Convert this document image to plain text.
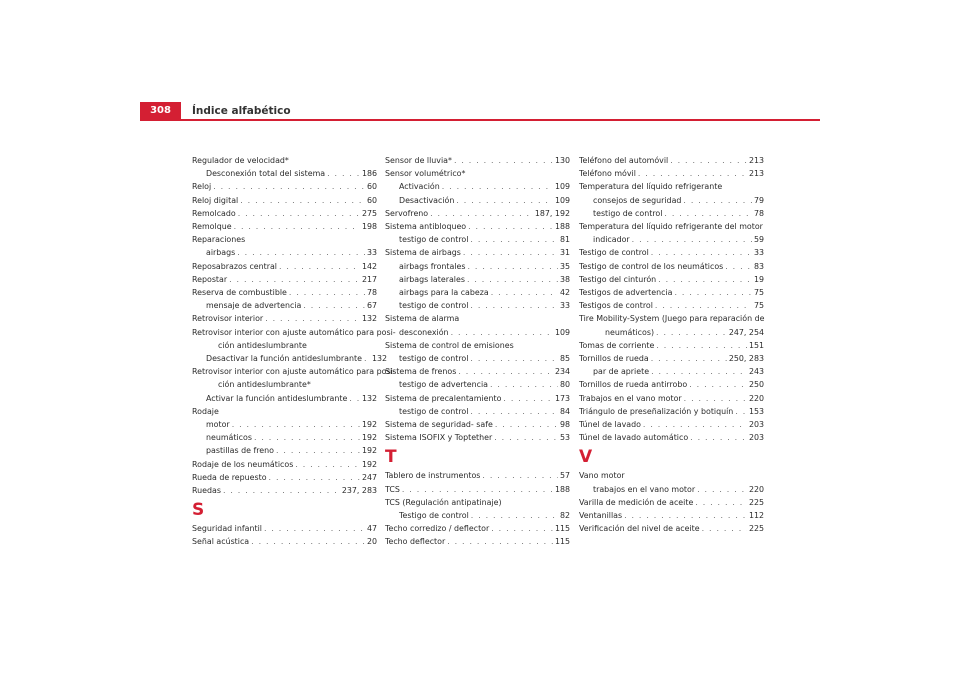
308	Índice alfabético
Regulador de velocidad*
Desconexión total del sistema . . .	186
Reloj . . .	60
Reloj digital . . .	60
Remolcado . . .	275
Remolque . . .	198
Reparaciones
airbags . . .	33
Reposabrazos central . . .	142
Repostar . . .	217
Reserva de combustible . . .	78
mensaje de advertencia . . .	67
Retrovisor interior . . .	132
Retrovisor interior con ajuste automático para posi-
ción antideslumbrante
Desactivar la función antideslumbrante . . . 132
Retrovisor interior con ajuste automático para posi-
ción antideslumbrante*
Activar la función antideslumbrante . . . 132
Rodaje
motor . . .	192
neumáticos . . .	192
pastillas de freno . . .	192
Rodaje de los neumáticos . . .	192
Rueda de repuesto . . .	247
Ruedas . . .	237, 283
S
Seguridad infantil . . .	47
Señal acústica . . .	20
Sensor de lluvia* . . .	130
Sensor volumétrico*
Activación . . .	109
Desactivación . . .	109
Servofreno . . .	187, 192
Sistema antibloqueo . . .	188
testigo de control . . .	81
Sistema de airbags . . .	31
airbags frontales . . .	35
airbags laterales . . .	38
airbags para la cabeza . . .	42
testigo de control . . .	33
Sistema de alarma
desconexión . . .	109
Sistema de control de emisiones
testigo de control . . .	85
Sistema de frenos . . .	234
testigo de advertencia . . .	80
Sistema de precalentamiento . . .	173
testigo de control . . .	84
Sistema de seguridad- safe . . .	98
Sistema ISOFIX y Toptether . . .	53
T
Tablero de instrumentos . . .	57
TCS . . .	188
TCS (Regulación antipatinaje)
Testigo de control . . .	82
Techo corredizo / deflector . . .	115
Techo deflector . . .	115
Teléfono del automóvil . . .	213
Teléfono móvil . . .	213
Temperatura del líquido refrigerante
consejos de seguridad . . .	79
testigo de control . . .	78
Temperatura del líquido refrigerante del motor
indicador . . .	59
Testigo de control . . .	33
Testigo de control de los neumáticos . . .	83
Testigo del cinturón . . .	19
Testigos de advertencia . . .	75
Testigos de control . . .	75
Tire Mobility-System (Juego para reparación de
neumáticos) . . .	247, 254
Tomas de corriente . . .	151
Tornillos de rueda . . .	250, 283
par de apriete . . .	243
Tornillos de rueda antirrobo . . .	250
Trabajos en el vano motor . . .	220
Triángulo de preseñalización y botiquín . . . 153
Túnel de lavado . . .	203
Túnel de lavado automático . . .	203
V
Vano motor
trabajos en el vano motor . . .	220
Varilla de medición de aceite . . .	225
Ventanillas . . .	112
Verificación del nivel de aceite . . .	225
